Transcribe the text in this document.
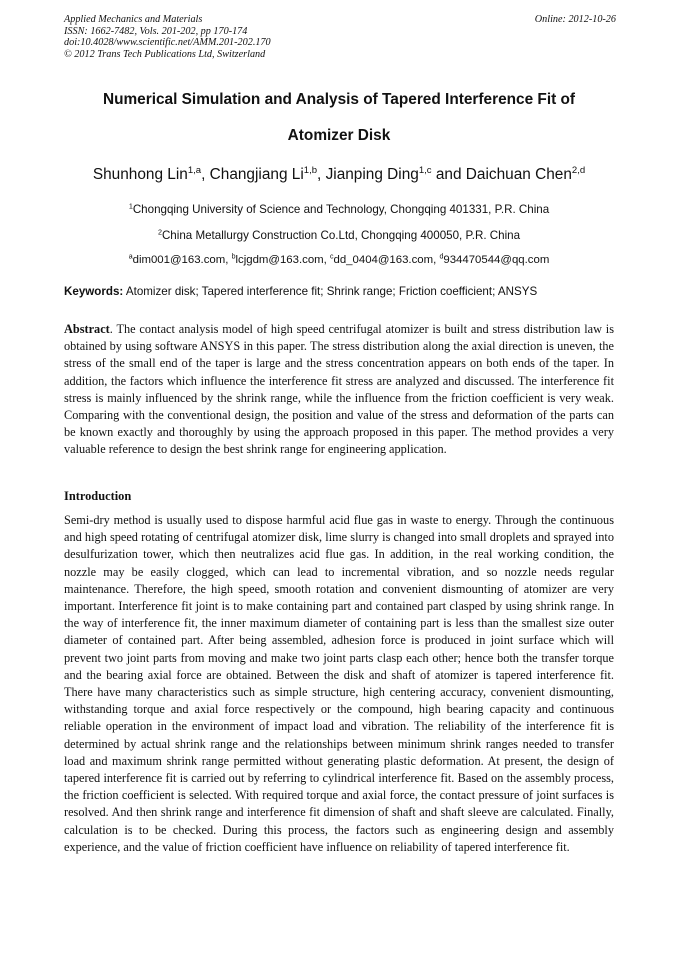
Applied Mechanics and Materials
ISSN: 1662-7482, Vols. 201-202, pp 170-174
doi:10.4028/www.scientific.net/AMM.201-202.170
© 2012 Trans Tech Publications Ltd, Switzerland
Online: 2012-10-26
Numerical Simulation and Analysis of Tapered Interference Fit of
Atomizer Disk
Shunhong Lin$^{1,a}$, Changjiang Li$^{1,b}$, Jianping Ding$^{1,c}$ and Daichuan Chen$^{2,d}$
$^1$Chongqing University of Science and Technology, Chongqing 401331, P.R. China
$^2$China Metallurgy Construction Co.Ltd, Chongqing 400050, P.R. China
$^a$dim001@163.com, $^b$lcjgdm@163.com, $^c$dd_0404@163.com, $^d$934470544@qq.com
Keywords: Atomizer disk; Tapered interference fit; Shrink range; Friction coefficient; ANSYS
Abstract. The contact analysis model of high speed centrifugal atomizer is built and stress distribution law is obtained by using software ANSYS in this paper. The stress distribution along the axial direction is uneven, the stress of the small end of the taper is large and the stress concentration appears on both ends of the taper. In addition, the factors which influence the interference fit stress are analyzed and discussed. The interference fit stress is mainly influenced by the shrink range, while the influence from the friction coefficient is very weak. Comparing with the conventional design, the position and value of the stress and deformation of the parts can be known exactly and thoroughly by using the approach proposed in this paper. The method provides a very valuable reference to design the best shrink range for engineering application.
Introduction
Semi-dry method is usually used to dispose harmful acid flue gas in waste to energy. Through the continuous and high speed rotating of centrifugal atomizer disk, lime slurry is changed into small droplets and sprayed into desulfurization tower, which then neutralizes acid flue gas. In addition, in the real working condition, the nozzle may be easily clogged, which can lead to incremental vibration, and so nozzle needs regular maintenance. Therefore, the high speed, smooth rotation and convenient dismounting of atomizer are very important. Interference fit joint is to make containing part and contained part clasped by using shrink range. In the way of interference fit, the inner maximum diameter of containing part is less than the smallest size outer diameter of contained part. After being assembled, adhesion force is produced in joint surface which will prevent two joint parts from moving and make two joint parts clasp each other; hence both the transfer torque and the bearing axial force are obtained. Between the disk and shaft of atomizer is tapered interference fit. There have many characteristics such as simple structure, high centering accuracy, convenient dismounting, withstanding torque and axial force respectively or the compound, high bearing capacity and continuous reliable operation in the environment of impact load and vibration. The reliability of the interference fit is determined by actual shrink range and the relationships between minimum shrink ranges needed to transfer load and maximum shrink range permitted without generating plastic deformation. At present, the design of tapered interference fit is carried out by referring to cylindrical interference fit. Based on the assembly process, the friction coefficient is selected. With required torque and axial force, the contact pressure of joint surfaces is resolved. And then shrink range and interference fit dimension of shaft and shaft sleeve are calculated. Finally, calculation is to be checked. During this process, the factors such as engineering design and assembly experience, and the value of friction coefficient have influence on reliability of tapered interference fit.
